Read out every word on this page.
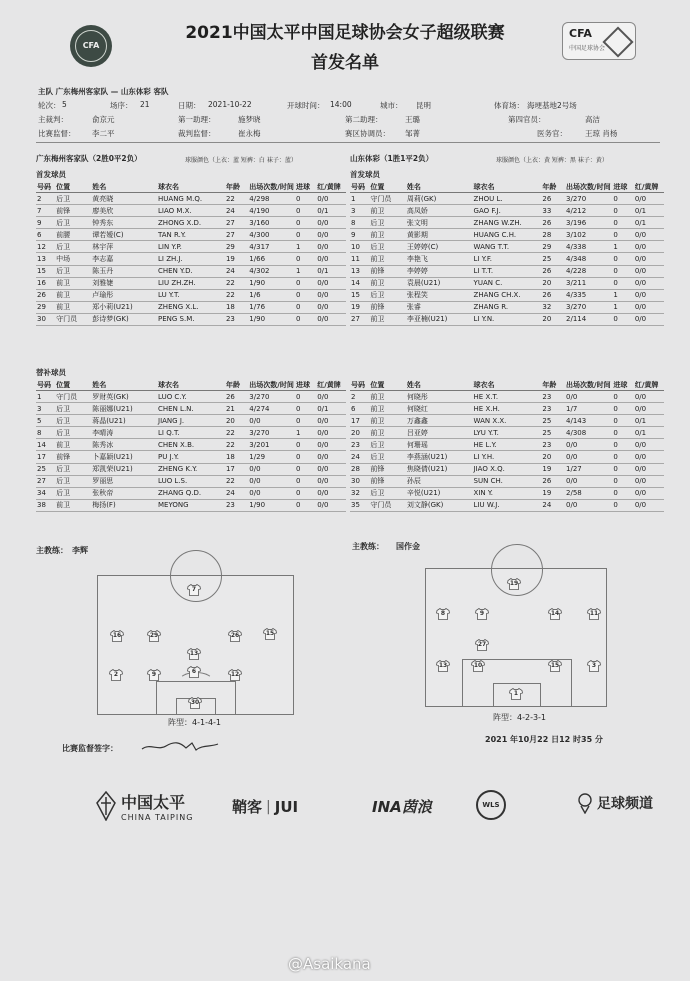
CFA
2021中国太平中国足球协会女子超级联赛
首发名单
CFA
中国足球协会
主队 广东梅州客家队 — 山东体彩 客队
轮次： 5	场序： 21	日期： 2021-10-22	开球时间： 14:00	城市： 昆明	体育场： 海埂基地2号场
主裁判：	俞京元	第一助理：	施梦晓	第二助理：	王璐	第四官员：	高洁
比赛监督： 李二平	裁判监督：	崔永梅	赛区协调员： 邹菁	医务官： 王琼 肖杨
广东梅州客家队（2胜0平2负）	球服颜色（上衣：蓝 短裤：白 袜子：蓝）	山东体彩（1胜1平2负）	球服颜色（上衣：黄 短裤：黑 袜子：黄）
首发球员	首发球员
号码	位置	姓名	球衣名	年龄	出场次数/时间	进球	红/黄牌
2	后卫	黄亮晓	HUANG M.Q.	22	4/298	0	0/0
7	前锋	廖美欣	LIAO M.X.	24	4/190	0	0/1
9	后卫	钟秀东	ZHONG X.D.	27	3/160	0	0/0
6	前腰	谭若嫒(C)	TAN R.Y.	27	4/300	0	0/0
12	后卫	林宇萍	LIN Y.P.	29	4/317	1	0/0
13	中场	李志嘉	LI ZH.J.	19	1/66	0	0/0
15	后卫	陈玉丹	CHEN Y.D.	24	4/302	1	0/1
16	前卫	刘雅婕	LIU ZH.ZH.	22	1/90	0	0/0
26	前卫	卢瑜彤	LU Y.T.	22	1/6	0	0/0
29	前卫	郑小莉(U21)	ZHENG X.L.	18	1/76	0	0/0
30	守门员	彭诗梦(GK)	PENG S.M.	23	1/90	0	0/0
号码	位置	姓名	球衣名	年龄	出场次数/时间	进球	红/黄牌
1	守门员	周莉(GK)	ZHOU L.	26	3/270	0	0/0
3	前卫	高凤娇	GAO F.J.	33	4/212	0	0/1
8	后卫	张文明	ZHANG W.ZH.	26	3/196	0	0/1
9	前卫	黄影期	HUANG C.H.	28	3/102	0	0/0
10	后卫	王婷婷(C)	WANG T.T.	29	4/338	1	0/0
11	前卫	李艳飞	LI Y.F.	25	4/348	0	0/0
13	前锋	李婷婷	LI T.T.	26	4/228	0	0/0
14	前卫	袁晨(U21)	YUAN C.	20	3/211	0	0/0
15	后卫	张程笑	ZHANG CH.X.	26	4/335	1	0/0
19	前锋	张睿	ZHANG R.	32	3/270	1	0/0
27	前卫	李亚楠(U21)	LI Y.N.	20	2/114	0	0/0
替补球员
号码	位置	姓名	球衣名	年龄	出场次数/时间	进球	红/黄牌
1	守门员	罗财英(GK)	LUO C.Y.	26	3/270	0	0/0
3	后卫	陈丽娜(U21)	CHEN L.N.	21	4/274	0	0/1
5	后卫	蒋晶(U21)	JIANG J.	20	0/0	0	0/0
8	后卫	李晴涛	LI Q.T.	22	3/270	1	0/0
14	前卫	陈秀冰	CHEN X.B.	22	3/201	0	0/0
17	前锋	卜嘉颖(U21)	PU J.Y.	18	1/29	0	0/0
25	后卫	郑凯荣(U21)	ZHENG K.Y.	17	0/0	0	0/0
27	后卫	罗丽思	LUO L.S.	22	0/0	0	0/0
34	后卫	张秋帝	ZHANG Q.D.	24	0/0	0	0/0
38	前卫	梅扬(F)	MEYONG	23	1/90	0	0/0
号码	位置	姓名	球衣名	年龄	出场次数/时间	进球	红/黄牌
2	前卫	何晓彤	HE X.T.	23	0/0	0	0/0
6	前卫	何晓红	HE X.H.	23	1/7	0	0/0
17	前卫	万鑫鑫	WAN X.X.	25	4/143	0	0/1
20	前卫	吕亚婷	LYU Y.T.	25	4/308	0	0/1
23	后卫	何珊瑶	HE L.Y.	23	0/0	0	0/0
24	后卫	李燕涵(U21)	LI Y.H.	20	0/0	0	0/0
28	前锋	焦晓倩(U21)	JIAO X.Q.	19	1/27	0	0/0
30	前锋	孙辰	SUN CH.	26	0/0	0	0/0
32	后卫	辛悦(U21)	XIN Y.	19	2/58	0	0/0
35	守门员	刘文静(GK)	LIU W.J.	24	0/0	0	0/0
主教练： 李辉	主教练： 国作金
7
16	29
13
26	15
9
2	6	12
30
19
8	9	14	11
27
13	10	15	3
1
阵型：4-1-4-1
阵型：4-2-3-1
比赛监督签字：
2021 年10月22 日12 时35 分
中国太平
CHINA TAIPING
鞘客 | JUI	INA茵浪	WLS	足球频道
@Asaikana
